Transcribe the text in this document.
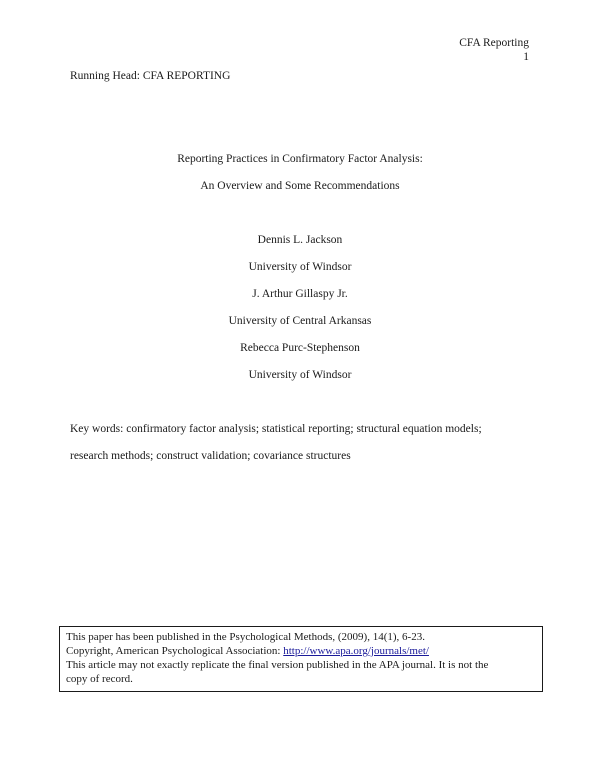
CFA Reporting
1
Running Head: CFA REPORTING
Reporting Practices in Confirmatory Factor Analysis:
An Overview and Some Recommendations
Dennis L. Jackson
University of Windsor
J. Arthur Gillaspy Jr.
University of Central Arkansas
Rebecca Purc-Stephenson
University of Windsor
Key words: confirmatory factor analysis; statistical reporting; structural equation models;
research methods; construct validation; covariance structures
This paper has been published in the Psychological Methods, (2009), 14(1), 6-23.
Copyright, American Psychological Association: http://www.apa.org/journals/met/
This article may not exactly replicate the final version published in the APA journal. It is not the
copy of record.
